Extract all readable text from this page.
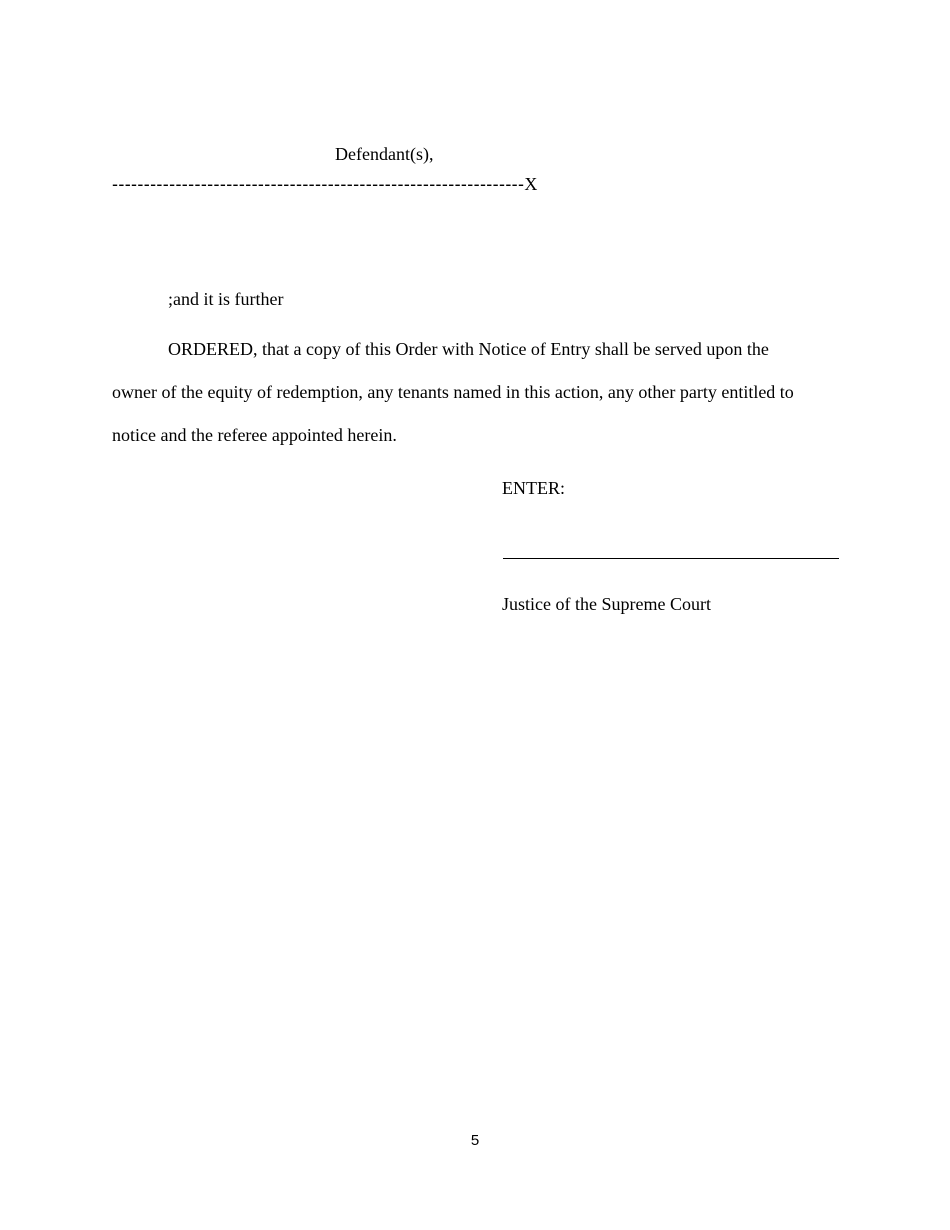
Defendant(s),
-----------------------------------------------------------------X
;and it is further
ORDERED, that a copy of this Order with Notice of Entry shall be served upon the
owner of the equity of redemption, any tenants named in this action, any other party entitled to
notice and the referee appointed herein.
ENTER:
Justice of the Supreme Court
5
